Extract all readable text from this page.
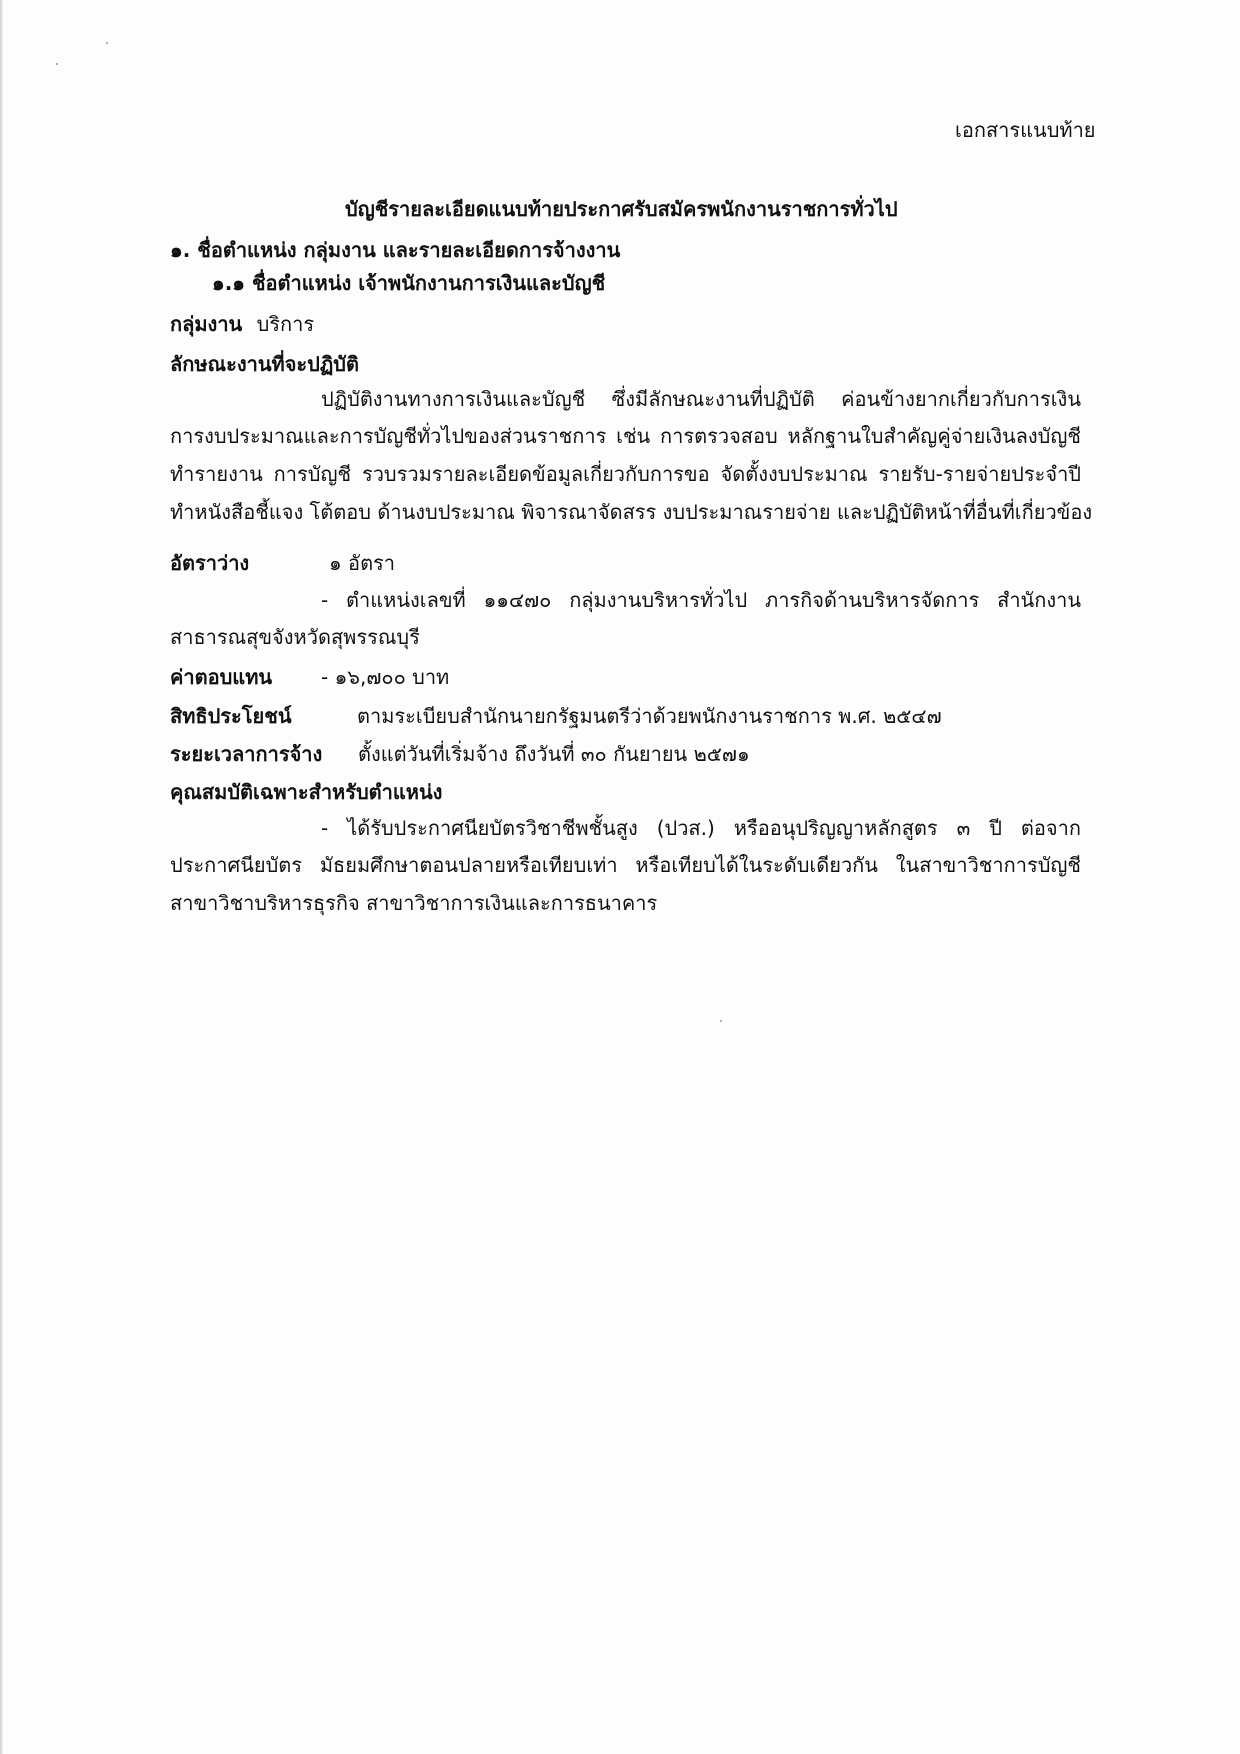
เอกสารแนบท้าย
บัญชีรายละเอียดแนบท้ายประกาศรับสมัครพนักงานราชการทั่วไป
๑. ชื่อตำแหน่ง กลุ่มงาน และรายละเอียดการจ้างงาน
๑.๑ ชื่อตำแหน่ง เจ้าพนักงานการเงินและบัญชี
กลุ่มงาน บริการ
ลักษณะงานที่จะปฏิบัติ
ปฏิบัติงานทางการเงินและบัญชี ซึ่งมีลักษณะงานที่ปฏิบัติ ค่อนข้างยากเกี่ยวกับการเงิน
การงบประมาณและการบัญชีทั่วไปของส่วนราชการ เช่น การตรวจสอบ หลักฐานใบสำคัญคู่จ่ายเงินลงบัญชี
ทำรายงาน การบัญชี รวบรวมรายละเอียดข้อมูลเกี่ยวกับการขอ จัดตั้งงบประมาณ รายรับ-รายจ่ายประจำปี
ทำหนังสือชี้แจง โต้ตอบ ด้านงบประมาณ พิจารณาจัดสรร งบประมาณรายจ่าย และปฏิบัติหน้าที่อื่นที่เกี่ยวข้อง
อัตราว่าง	๑ อัตรา
- ตำแหน่งเลขที่ ๑๑๔๗๐ กลุ่มงานบริหารทั่วไป ภารกิจด้านบริหารจัดการ สำนักงาน
สาธารณสุขจังหวัดสุพรรณบุรี
ค่าตอบแทน - ๑๖,๗๐๐ บาท
สิทธิประโยชน์	ตามระเบียบสำนักนายกรัฐมนตรีว่าด้วยพนักงานราชการ พ.ศ. ๒๕๔๗
ระยะเวลาการจ้าง ตั้งแต่วันที่เริ่มจ้าง ถึงวันที่ ๓๐ กันยายน ๒๕๗๑
คุณสมบัติเฉพาะสำหรับตำแหน่ง
- ได้รับประกาศนียบัตรวิชาชีพชั้นสูง (ปวส.) หรืออนุปริญญาหลักสูตร ๓ ปี ต่อจาก
ประกาศนียบัตร มัธยมศึกษาตอนปลายหรือเทียบเท่า หรือเทียบได้ในระดับเดียวกัน ในสาขาวิชาการบัญชี
สาขาวิชาบริหารธุรกิจ สาขาวิชาการเงินและการธนาคาร
